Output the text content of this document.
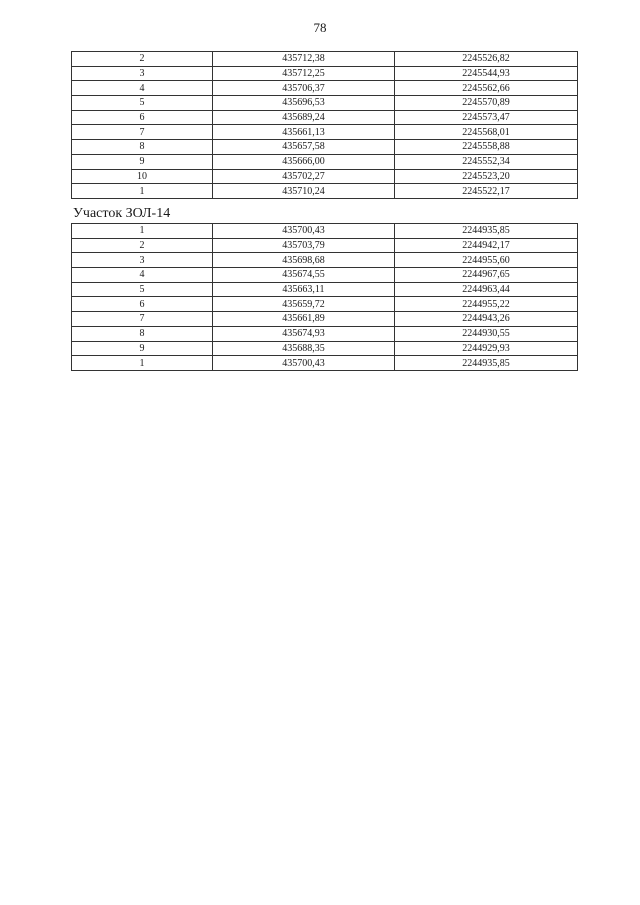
78
2	435712,38	2245526,82
3	435712,25	2245544,93
4	435706,37	2245562,66
5	435696,53	2245570,89
6	435689,24	2245573,47
7	435661,13	2245568,01
8	435657,58	2245558,88
9	435666,00	2245552,34
10	435702,27	2245523,20
1	435710,24	2245522,17
Участок ЗОЛ-14
1	435700,43	2244935,85
2	435703,79	2244942,17
3	435698,68	2244955,60
4	435674,55	2244967,65
5	435663,11	2244963,44
6	435659,72	2244955,22
7	435661,89	2244943,26
8	435674,93	2244930,55
9	435688,35	2244929,93
1	435700,43	2244935,85
